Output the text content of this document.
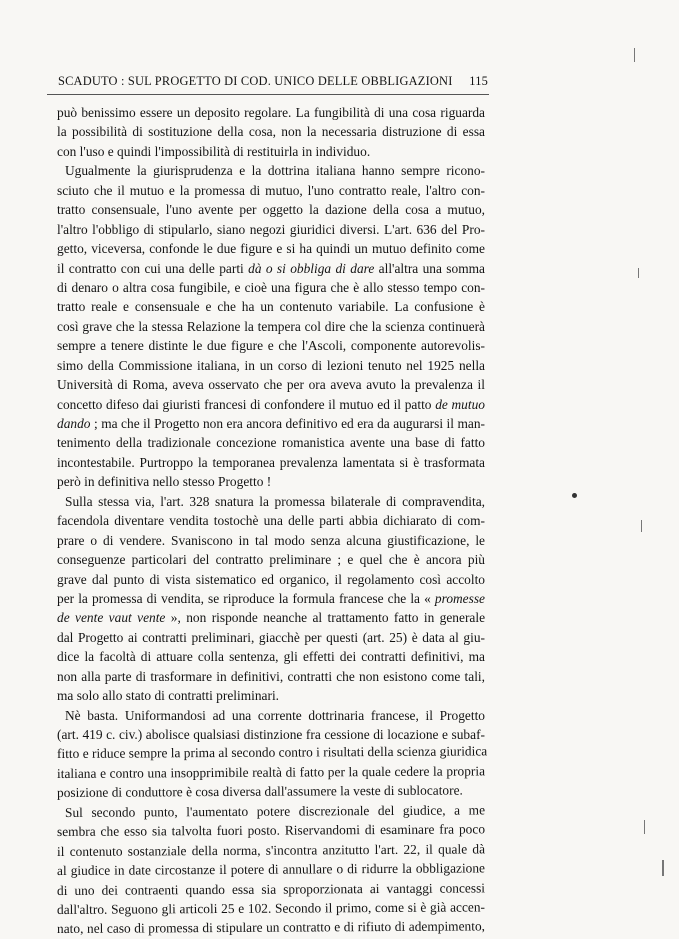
SCADUTO : SUL PROGETTO DI COD. UNICO DELLE OBBLIGAZIONI 115
può benissimo essere un deposito regolare. La fungibilità di una cosa riguarda
la possibilità di sostituzione della cosa, non la necessaria distruzione di essa
con l'uso e quindi l'impossibilità di restituirla in individuo.
Ugualmente la giurisprudenza e la dottrina italiana hanno sempre ricono-
sciuto che il mutuo e la promessa di mutuo, l'uno contratto reale, l'altro con-
tratto consensuale, l'uno avente per oggetto la dazione della cosa a mutuo,
l'altro l'obbligo di stipularlo, siano negozi giuridici diversi. L'art. 636 del Pro-
getto, viceversa, confonde le due figure e si ha quindi un mutuo definito come
il contratto con cui una delle parti dà o si obbliga di dare all'altra una somma
di denaro o altra cosa fungibile, e cioè una figura che è allo stesso tempo con-
tratto reale e consensuale e che ha un contenuto variabile. La confusione è
così grave che la stessa Relazione la tempera col dire che la scienza continuerà
sempre a tenere distinte le due figure e che l'Ascoli, componente autorevolis-
simo della Commissione italiana, in un corso di lezioni tenuto nel 1925 nella
Università di Roma, aveva osservato che per ora aveva avuto la prevalenza il
concetto difeso dai giuristi francesi di confondere il mutuo ed il patto de mutuo
dando ; ma che il Progetto non era ancora definitivo ed era da augurarsi il man-
tenimento della tradizionale concezione romanistica avente una base di fatto
incontestabile. Purtroppo la temporanea prevalenza lamentata si è trasformata
però in definitiva nello stesso Progetto !
Sulla stessa via, l'art. 328 snatura la promessa bilaterale di compravendita,
facendola diventare vendita tostochè una delle parti abbia dichiarato di com-
prare o di vendere. Svaniscono in tal modo senza alcuna giustificazione, le
conseguenze particolari del contratto preliminare ; e quel che è ancora più
grave dal punto di vista sistematico ed organico, il regolamento così accolto
per la promessa di vendita, se riproduce la formula francese che la « promesse
de vente vaut vente », non risponde neanche al trattamento fatto in generale
dal Progetto ai contratti preliminari, giacchè per questi (art. 25) è data al giu-
dice la facoltà di attuare colla sentenza, gli effetti dei contratti definitivi, ma
non alla parte di trasformare in definitivi, contratti che non esistono come tali,
ma solo allo stato di contratti preliminari.
Nè basta. Uniformandosi ad una corrente dottrinaria francese, il Progetto
(art. 419 c. civ.) abolisce qualsiasi distinzione fra cessione di locazione e subaf-
fitto e riduce sempre la prima al secondo contro i risultati della scienza giuridica
italiana e contro una insopprimibile realtà di fatto per la quale cedere la propria
posizione di conduttore è cosa diversa dall'assumere la veste di sublocatore.
Sul secondo punto, l'aumentato potere discrezionale del giudice, a me
sembra che esso sia talvolta fuori posto. Riservandomi di esaminare fra poco
il contenuto sostanziale della norma, s'incontra anzitutto l'art. 22, il quale dà
al giudice in date circostanze il potere di annullare o di ridurre la obbligazione
di uno dei contraenti quando essa sia sproporzionata ai vantaggi concessi
dall'altro. Seguono gli articoli 25 e 102. Secondo il primo, come si è già accen-
nato, nel caso di promessa di stipulare un contratto e di rifiuto di adempimento,
